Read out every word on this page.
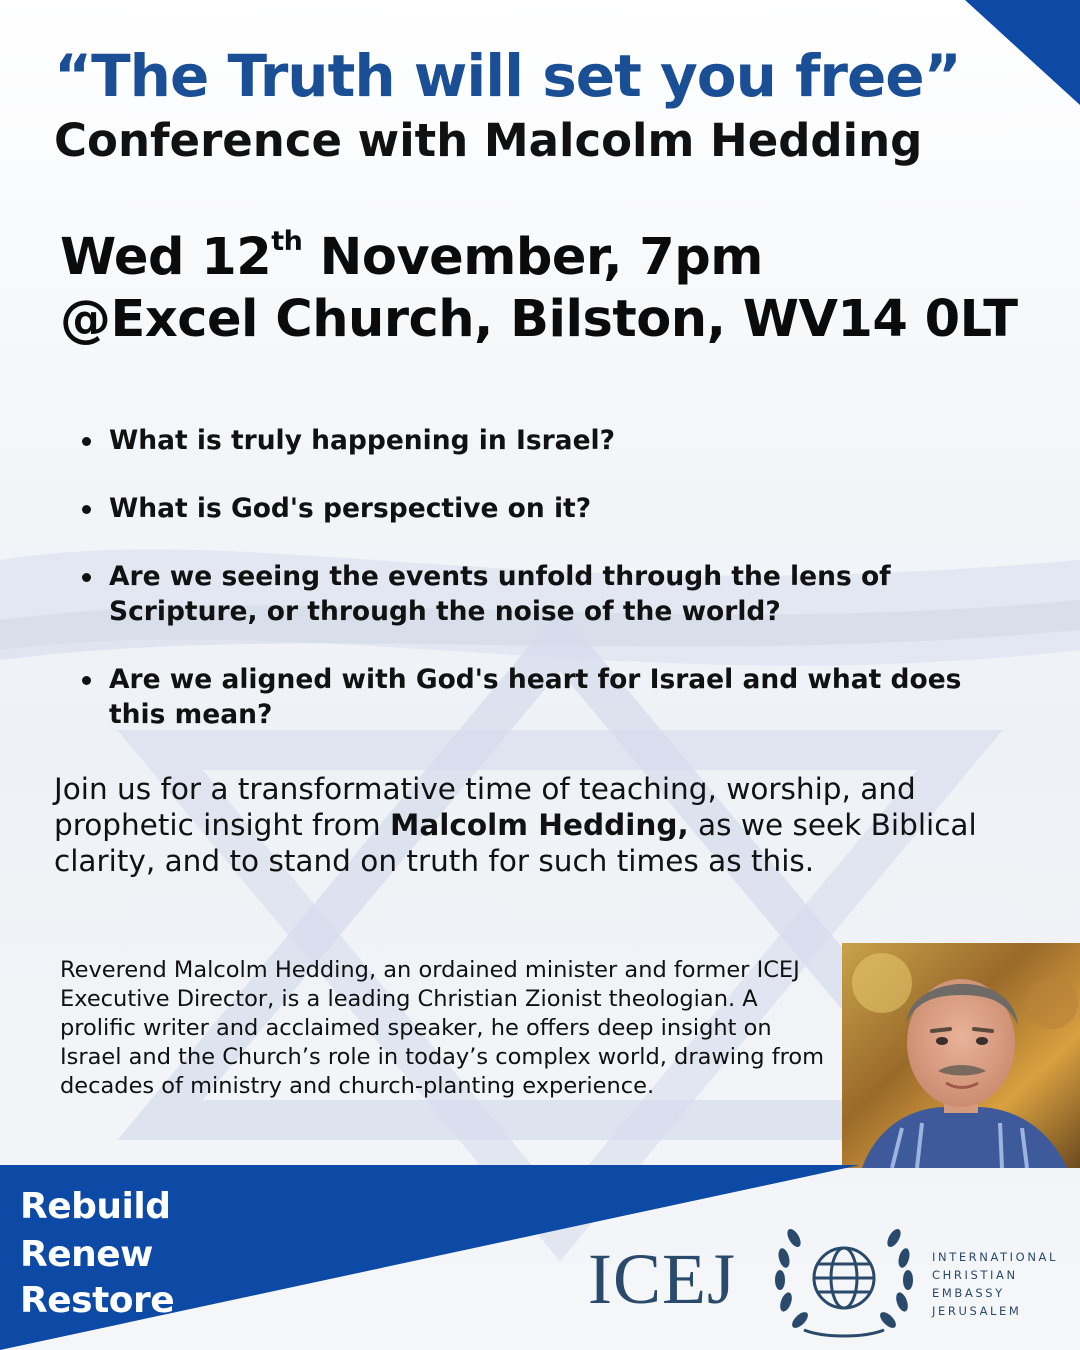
“The Truth will set you free”
Conference with Malcolm Hedding

Wed 12th November, 7pm

@Excel Church, Bilston, WV14 0LT

What is truly happening in Israel?
What is God's perspective on it?
Are we seeing the events unfold through the lens of Scripture, or through the noise of the world?
Are we aligned with God's heart for Israel and what does this mean?

Join us for a transformative time of teaching, worship, and prophetic insight from Malcolm Hedding, as we seek Biblical clarity, and to stand on truth for such times as this.

Reverend Malcolm Hedding, an ordained minister and former ICEJ Executive Director, is a leading Christian Zionist theologian. A prolific writer and acclaimed speaker, he offers deep insight on Israel and the Church’s role in today’s complex world, drawing from decades of ministry and church-planting experience.

Rebuild

Renew

Restore	ICEJ	INTERNATIONAL

CHRISTIAN

EMBASSY

JERUSALEM
